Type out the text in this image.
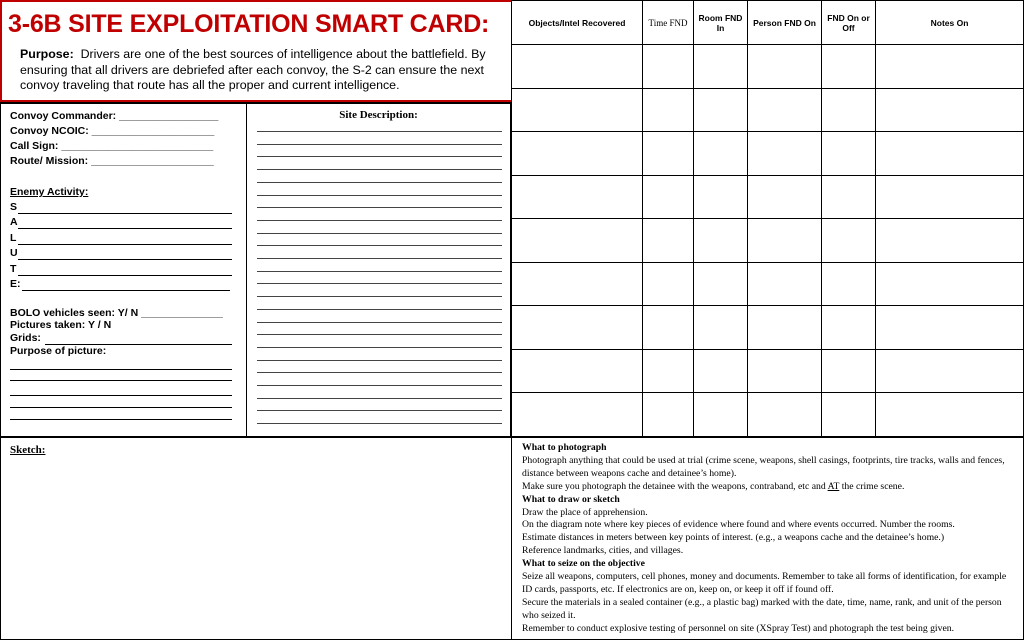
3-6B SITE EXPLOITATION SMART CARD:
Purpose: Drivers are one of the best sources of intelligence about the battlefield. By ensuring that all drivers are debriefed after each convoy, the S-2 can ensure the next convoy traveling that route has all the proper and current intelligence.
Convoy Commander: _________________
Convoy NCOIC: _____________________
Call Sign: __________________________
Route/ Mission: _____________________
Enemy Activity:
S
A
L
U
T
E:
BOLO vehicles seen: Y/ N ______________
Pictures taken: Y / N
Grids:
Purpose of picture:
Site Description:
Sketch:
Objects/Intel Recovered	Time FND	Room FND In	Person FND On	FND On or Off	Notes On

What to photograph

Photograph anything that could be used at trial (crime scene, weapons, shell casings, footprints, tire tracks, walls and fences, distance between weapons cache and detainee’s home).

Make sure you photograph the detainee with the weapons, contraband, etc and AT the crime scene.

What to draw or sketch

Draw the place of apprehension.

On the diagram note where key pieces of evidence where found and where events occurred. Number the rooms.

Estimate distances in meters between key points of interest. (e.g., a weapons cache and the detainee’s home.)

Reference landmarks, cities, and villages.

What to seize on the objective

Seize all weapons, computers, cell phones, money and documents. Remember to take all forms of identification, for example ID cards, passports, etc. If electronics are on, keep on, or keep it off if found off.

Secure the materials in a sealed container (e.g., a plastic bag) marked with the date, time, name, rank, and unit of the person who seized it.

Remember to conduct explosive testing of personnel on site (XSpray Test) and photograph the test being given.
